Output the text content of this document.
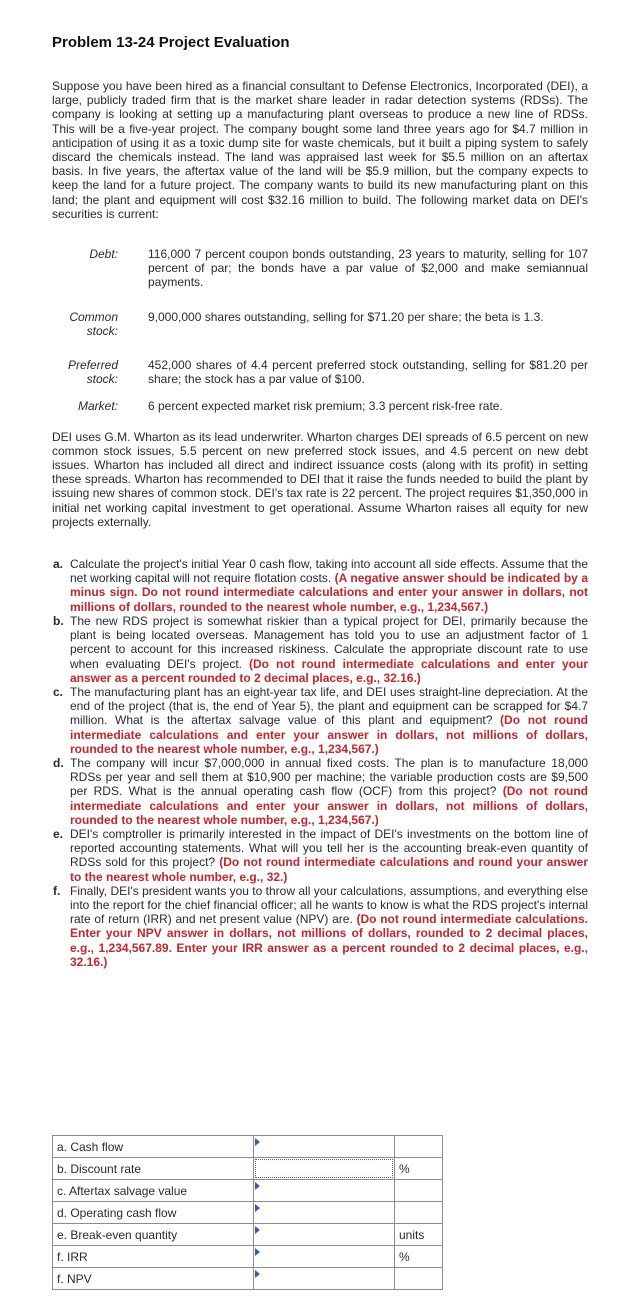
Problem 13-24 Project Evaluation

Suppose you have been hired as a financial consultant to Defense Electronics, Incorporated (DEI), a large, publicly traded firm that is the market share leader in radar detection systems (RDSs). The company is looking at setting up a manufacturing plant overseas to produce a new line of RDSs. This will be a five-year project. The company bought some land three years ago for $4.7 million in anticipation of using it as a toxic dump site for waste chemicals, but it built a piping system to safely discard the chemicals instead. The land was appraised last week for $5.5 million on an aftertax basis. In five years, the aftertax value of the land will be $5.9 million, but the company expects to keep the land for a future project. The company wants to build its new manufacturing plant on this land; the plant and equipment will cost $32.16 million to build. The following market data on DEI's securities is current:

Debt:	116,000 7 percent coupon bonds outstanding, 23 years to maturity, selling for 107 percent of par; the bonds have a par value of $2,000 and make semiannual payments.
Common stock:
9,000,000 shares outstanding, selling for $71.20 per share; the beta is 1.3.
Preferred stock:
452,000 shares of 4.4 percent preferred stock outstanding, selling for $81.20 per share; the stock has a par value of $100.
Market:	6 percent expected market risk premium; 3.3 percent risk-free rate.

DEI uses G.M. Wharton as its lead underwriter. Wharton charges DEI spreads of 6.5 percent on new common stock issues, 5.5 percent on new preferred stock issues, and 4.5 percent on new debt issues. Wharton has included all direct and indirect issuance costs (along with its profit) in setting these spreads. Wharton has recommended to DEI that it raise the funds needed to build the plant by issuing new shares of common stock. DEI's tax rate is 22 percent. The project requires $1,350,000 in initial net working capital investment to get operational. Assume Wharton raises all equity for new projects externally.

a. Calculate the project's initial Year 0 cash flow, taking into account all side effects. Assume that the net working capital will not require flotation costs. (A negative answer should be indicated by a minus sign. Do not round intermediate calculations and enter your answer in dollars, not millions of dollars, rounded to the nearest whole number, e.g., 1,234,567.)
b. The new RDS project is somewhat riskier than a typical project for DEI, primarily because the plant is being located overseas. Management has told you to use an adjustment factor of 1 percent to account for this increased riskiness. Calculate the appropriate discount rate to use when evaluating DEI's project. (Do not round intermediate calculations and enter your answer as a percent rounded to 2 decimal places, e.g., 32.16.)
c. The manufacturing plant has an eight-year tax life, and DEI uses straight-line depreciation. At the end of the project (that is, the end of Year 5), the plant and equipment can be scrapped for $4.7 million. What is the aftertax salvage value of this plant and equipment? (Do not round intermediate calculations and enter your answer in dollars, not millions of dollars, rounded to the nearest whole number, e.g., 1,234,567.)
d. The company will incur $7,000,000 in annual fixed costs. The plan is to manufacture 18,000 RDSs per year and sell them at $10,900 per machine; the variable production costs are $9,500 per RDS. What is the annual operating cash flow (OCF) from this project? (Do not round intermediate calculations and enter your answer in dollars, not millions of dollars, rounded to the nearest whole number, e.g., 1,234,567.)
e. DEI's comptroller is primarily interested in the impact of DEI's investments on the bottom line of reported accounting statements. What will you tell her is the accounting break-even quantity of RDSs sold for this project? (Do not round intermediate calculations and round your answer to the nearest whole number, e.g., 32.)
f. Finally, DEI's president wants you to throw all your calculations, assumptions, and everything else into the report for the chief financial officer; all he wants to know is what the RDS project's internal rate of return (IRR) and net present value (NPV) are. (Do not round intermediate calculations. Enter your NPV answer in dollars, not millions of dollars, rounded to 2 decimal places, e.g., 1,234,567.89. Enter your IRR answer as a percent rounded to 2 decimal places, e.g., 32.16.)
a. Cash flow	

b. Discount rate		%
c. Aftertax salvage value	

d. Operating cash flow	

e. Break-even quantity		units
f. IRR		%
f. NPV	
